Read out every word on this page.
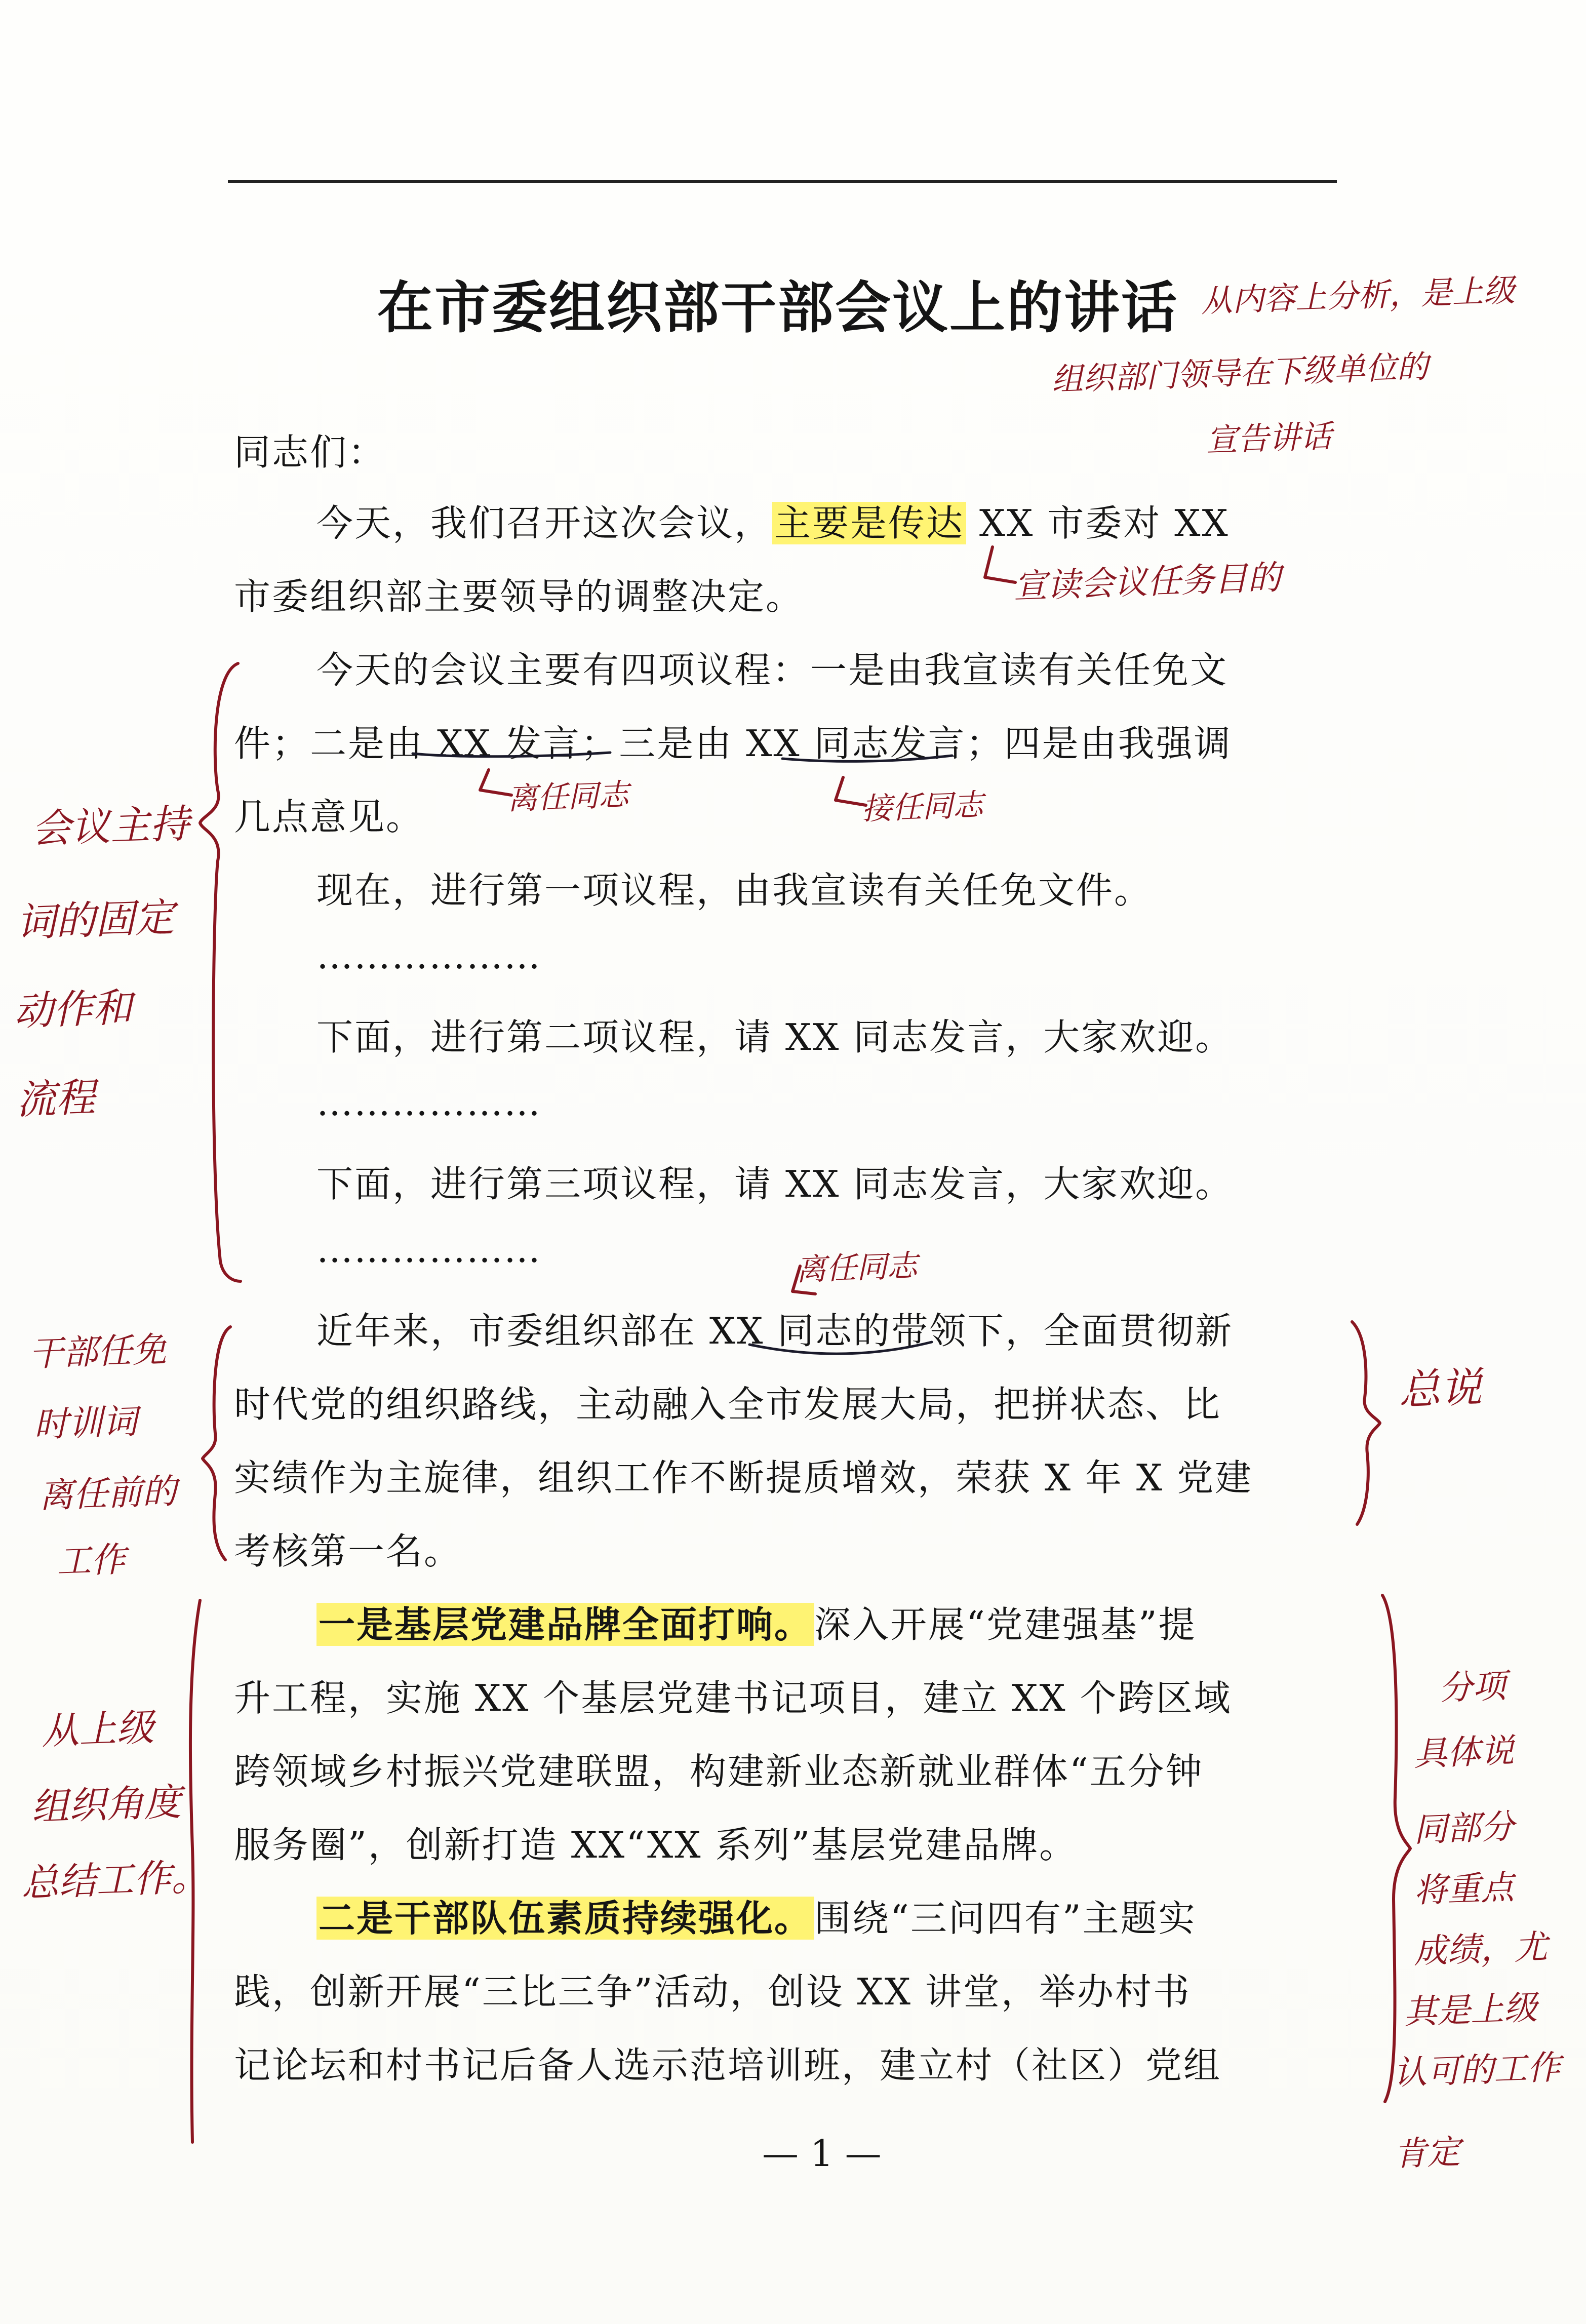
在市委组织部干部会议上的讲话
同志们：
今天，我们召开这次会议，主要是传达 XX 市委对 XX
市委组织部主要领导的调整决定。
今天的会议主要有四项议程：一是由我宣读有关任免文
件；二是由 XX 发言；三是由 XX 同志发言；四是由我强调
几点意见。
现在，进行第一项议程，由我宣读有关任免文件。
………………
下面，进行第二项议程，请 XX 同志发言，大家欢迎。
………………
下面，进行第三项议程，请 XX 同志发言，大家欢迎。
………………
近年来，市委组织部在 XX 同志的带领下，全面贯彻新
时代党的组织路线，主动融入全市发展大局，把拼状态、比
实绩作为主旋律，组织工作不断提质增效，荣获 X 年 X 党建
考核第一名。
一是基层党建品牌全面打响。深入开展“党建强基”提
升工程，实施 XX 个基层党建书记项目，建立 XX 个跨区域
跨领域乡村振兴党建联盟，构建新业态新就业群体“五分钟
服务圈”，创新打造 XX“XX 系列”基层党建品牌。
二是干部队伍素质持续强化。围绕“三问四有”主题实
践，创新开展“三比三争”活动，创设 XX 讲堂，举办村书
记论坛和村书记后备人选示范培训班，建立村（社区）党组
— 1 —
从内容上分析，是上级
组织部门领导在下级单位的
宣告讲话
宣读会议任务目的
离任同志	接任同志
会议主持
词的固定
动作和
流程
离任同志
干部任免
时训词
离任前的
工作
总说
从上级
组织角度
总结工作。
分项
具体说
同部分
将重点
成绩，尤
其是上级
认可的工作
肯定
